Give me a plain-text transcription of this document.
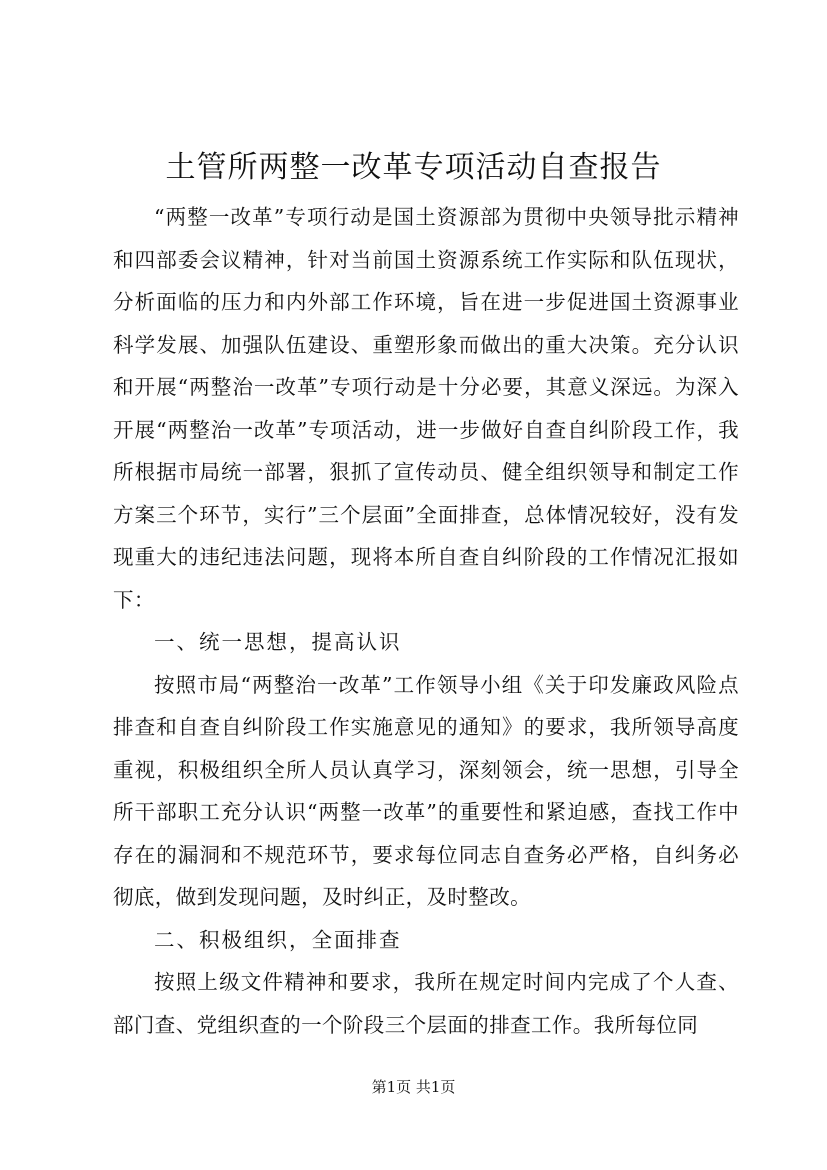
土管所两整一改革专项活动自查报告

“两整一改革”专项行动是国土资源部为贯彻中央领导批示精神和四部委会议精神，针对当前国土资源系统工作实际和队伍现状，分析面临的压力和内外部工作环境，旨在进一步促进国土资源事业科学发展、加强队伍建设、重塑形象而做出的重大决策。充分认识和开展“两整治一改革”专项行动是十分必要，其意义深远。为深入开展“两整治一改革”专项活动，进一步做好自查自纠阶段工作，我所根据市局统一部署，狠抓了宣传动员、健全组织领导和制定工作方案三个环节，实行”三个层面”全面排查，总体情况较好，没有发现重大的违纪违法问题，现将本所自查自纠阶段的工作情况汇报如下：

一、统一思想，提高认识

按照市局“两整治一改革”工作领导小组《关于印发廉政风险点排查和自查自纠阶段工作实施意见的通知》的要求，我所领导高度重视，积极组织全所人员认真学习，深刻领会，统一思想，引导全所干部职工充分认识“两整一改革”的重要性和紧迫感，查找工作中存在的漏洞和不规范环节，要求每位同志自查务必严格，自纠务必彻底，做到发现问题，及时纠正，及时整改。

二、积极组织，全面排查

按照上级文件精神和要求，我所在规定时间内完成了个人查、部门查、党组织查的一个阶段三个层面的排查工作。我所每位同

第1页 共1页
